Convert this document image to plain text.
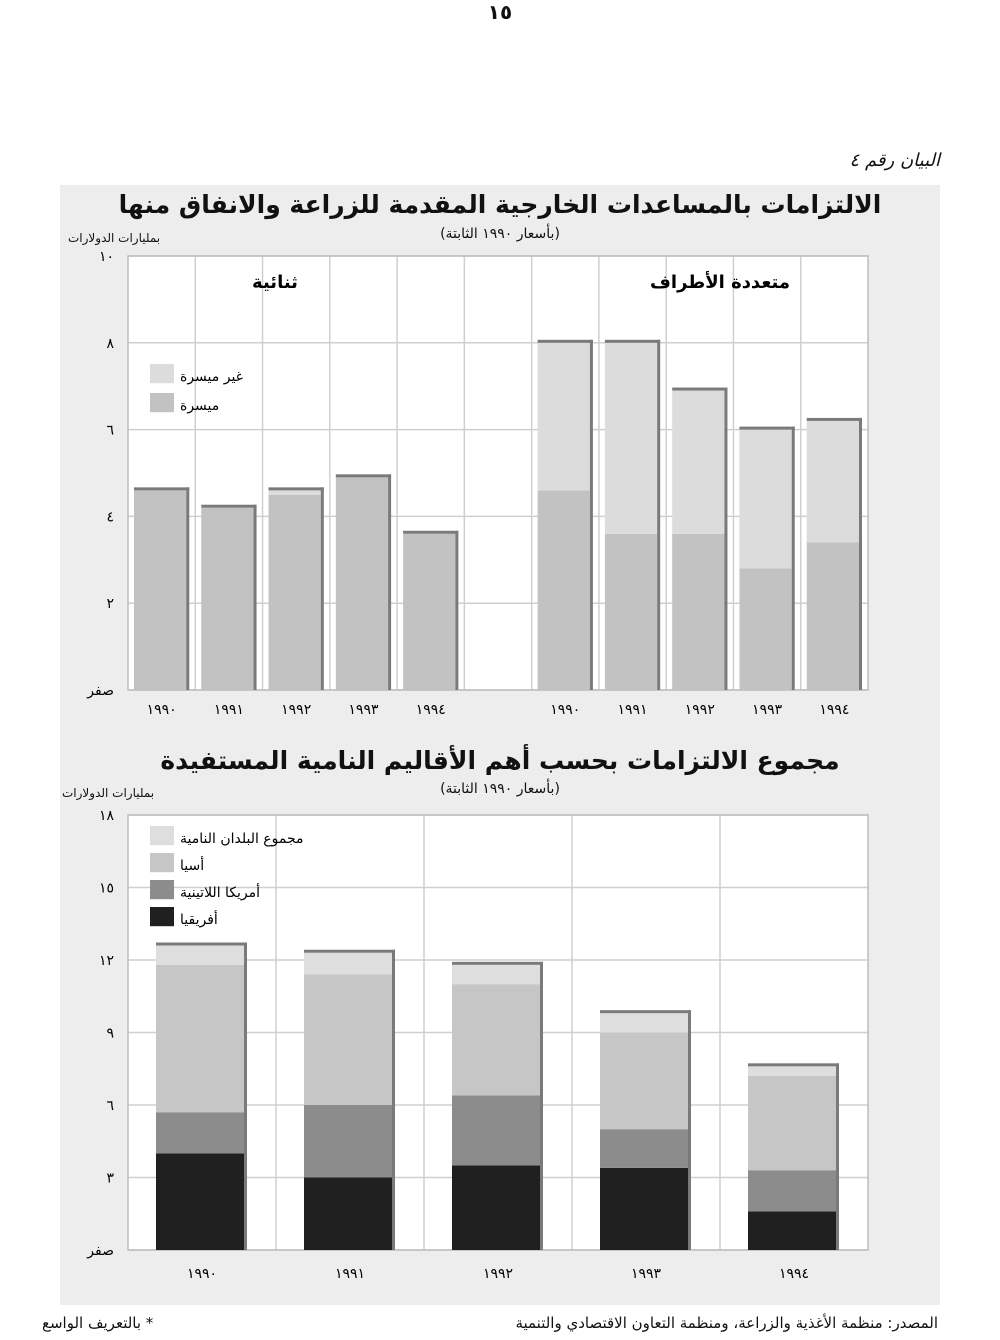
١٥
البيان رقم ٤
الالتزامات بالمساعدات الخارجية المقدمة للزراعة والانفاق منها
(بأسعار ١٩٩٠ الثابتة)
بمليارات الدولارات
صفر
٢
٤
٦
٨
١٠
ثنائية
١٩٩٠	١٩٩١	١٩٩٢	١٩٩٣	١٩٩٤
متعددة الأطراف
١٩٩٠	١٩٩١	١٩٩٢	١٩٩٣	١٩٩٤
غير ميسرة
ميسرة
مجموع الالتزامات بحسب أهم الأقاليم النامية المستفيدة
(بأسعار ١٩٩٠ الثابتة)
بمليارات الدولارات
صفر
٣
٦
٩
١٢
١٥
١٨
١٩٩٠	١٩٩١	١٩٩٢	١٩٩٣	١٩٩٤
مجموع البلدان النامية
أسيا
أمريكا اللاتينية
أفريقيا
المصدر: منظمة الأغذية والزراعة، ومنظمة التعاون الاقتصادي والتنمية
* بالتعريف الواسع
